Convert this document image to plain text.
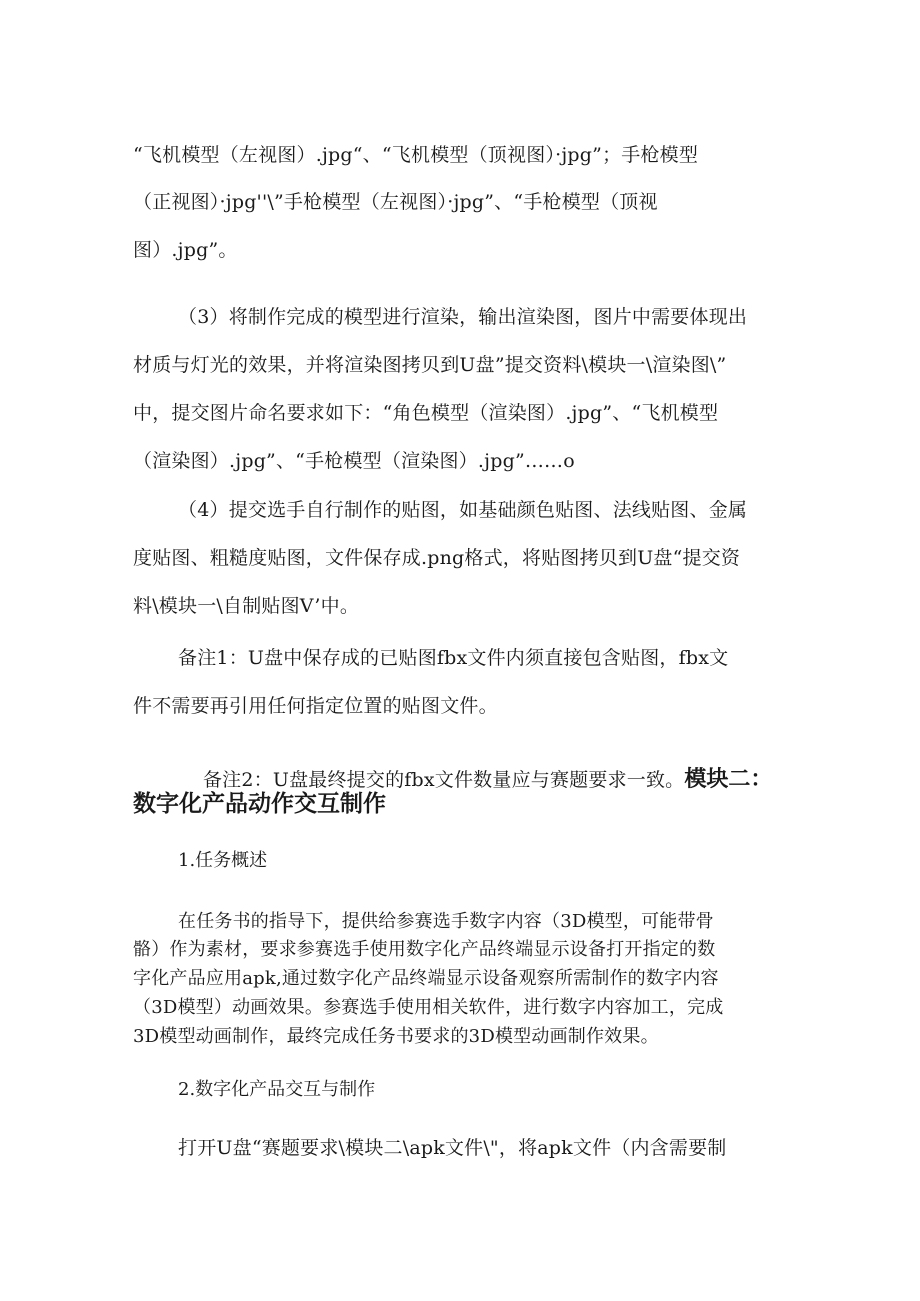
“飞机模型（左视图）.jpg“、“飞机模型（顶视图）·jpg”；手枪模型
（正视图）·jpg''\”手枪模型（左视图）·jpg”、“手枪模型（顶视
图）.jpg”。
（3）将制作完成的模型进行渲染，输出渲染图，图片中需要体现出
材质与灯光的效果，并将渲染图拷贝到U盘”提交资料\模块一\渲染图\”
中，提交图片命名要求如下：“角色模型（渲染图）.jpg”、“飞机模型
（渲染图）.jpg”、“手枪模型（渲染图）.jpg”……o
（4）提交选手自行制作的贴图，如基础颜色贴图、法线贴图、金属
度贴图、粗糙度贴图，文件保存成.png格式，将贴图拷贝到U盘“提交资
料\模块一\自制贴图V’中。
备注1：U盘中保存成的已贴图fbx文件内须直接包含贴图，fbx文
件不需要再引用任何指定位置的贴图文件。

备注2：U盘最终提交的fbx文件数量应与赛题要求一致。模块二：

数字化产品动作交互制作
1.任务概述
在任务书的指导下，提供给参赛选手数字内容（3D模型，可能带骨
骼）作为素材，要求参赛选手使用数字化产品终端显示设备打开指定的数
字化产品应用apk,通过数字化产品终端显示设备观察所需制作的数字内容
（3D模型）动画效果。参赛选手使用相关软件，进行数字内容加工，完成
3D模型动画制作，最终完成任务书要求的3D模型动画制作效果。
2.数字化产品交互与制作
打开U盘“赛题要求\模块二\apk文件\"，将apk文件（内含需要制
